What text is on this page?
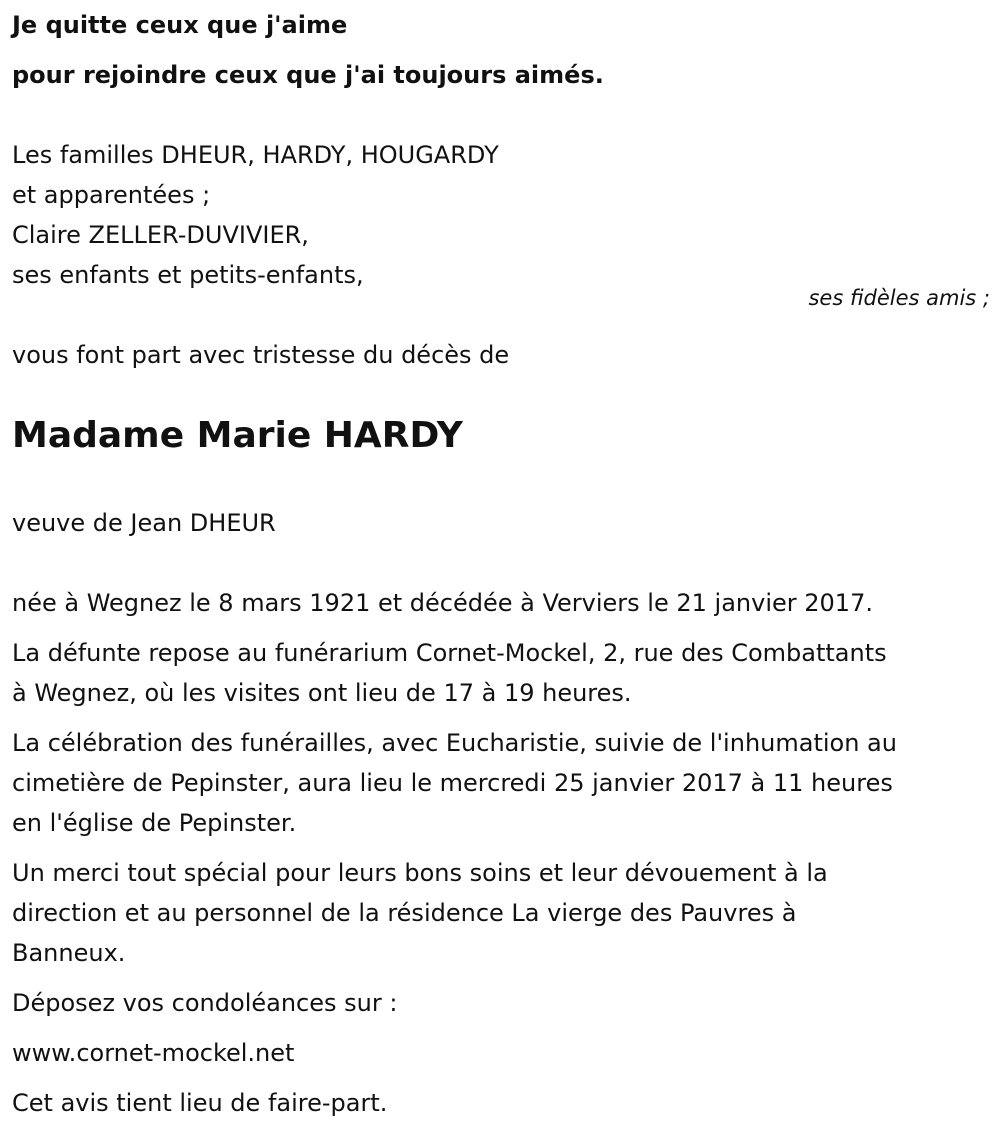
Je quitte ceux que j'aime
pour rejoindre ceux que j'ai toujours aimés.
Les familles DHEUR, HARDY, HOUGARDY
et apparentées ;
Claire ZELLER-DUVIVIER,
ses enfants et petits-enfants,
ses fidèles amis ;
vous font part avec tristesse du décès de
Madame Marie HARDY
veuve de Jean DHEUR
née à Wegnez le 8 mars 1921 et décédée à Verviers le 21 janvier 2017.
La défunte repose au funérarium Cornet-Mockel, 2, rue des Combattants
à Wegnez, où les visites ont lieu de 17 à 19 heures.
La célébration des funérailles, avec Eucharistie, suivie de l'inhumation au
cimetière de Pepinster, aura lieu le mercredi 25 janvier 2017 à 11 heures
en l'église de Pepinster.
Un merci tout spécial pour leurs bons soins et leur dévouement à la
direction et au personnel de la résidence La vierge des Pauvres à
Banneux.
Déposez vos condoléances sur :
www.cornet-mockel.net
Cet avis tient lieu de faire-part.
